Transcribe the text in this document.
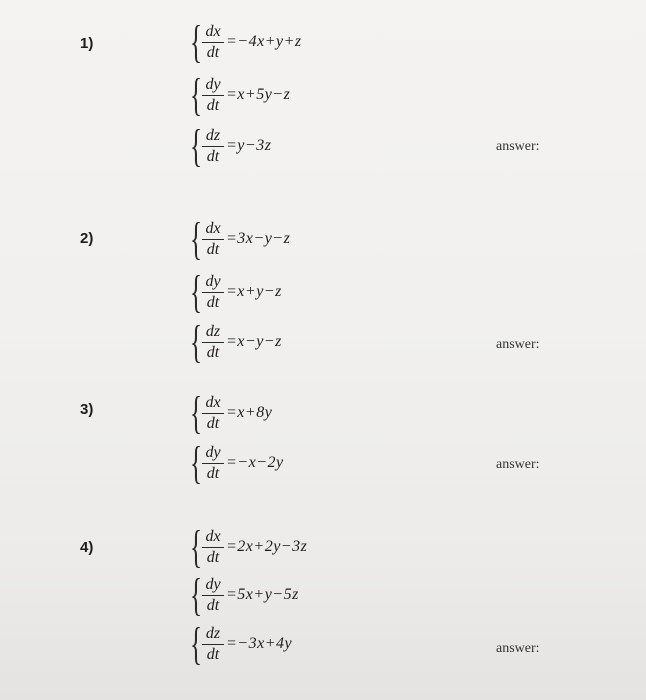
1) { $\frac{dx}{dt} =-4x+y+z$
{ $\frac{dy}{dt} =x+5y-z$
{ $\frac{dz}{dt} =y-3z$	answer:
2) { $\frac{dx}{dt} =3x-y-z$
{ $\frac{dy}{dt} =x+y-z$
{ $\frac{dz}{dt} =x-y-z$	answer:
3) { $\frac{dx}{dt} =x+8y$
{ $\frac{dy}{dt} =-x-2y$	answer:
4) { $\frac{dx}{dt} =2x+2y-3z$
{ $\frac{dy}{dt} =5x+y-5z$
{ $\frac{dz}{dt} =-3x+4y$	answer:
